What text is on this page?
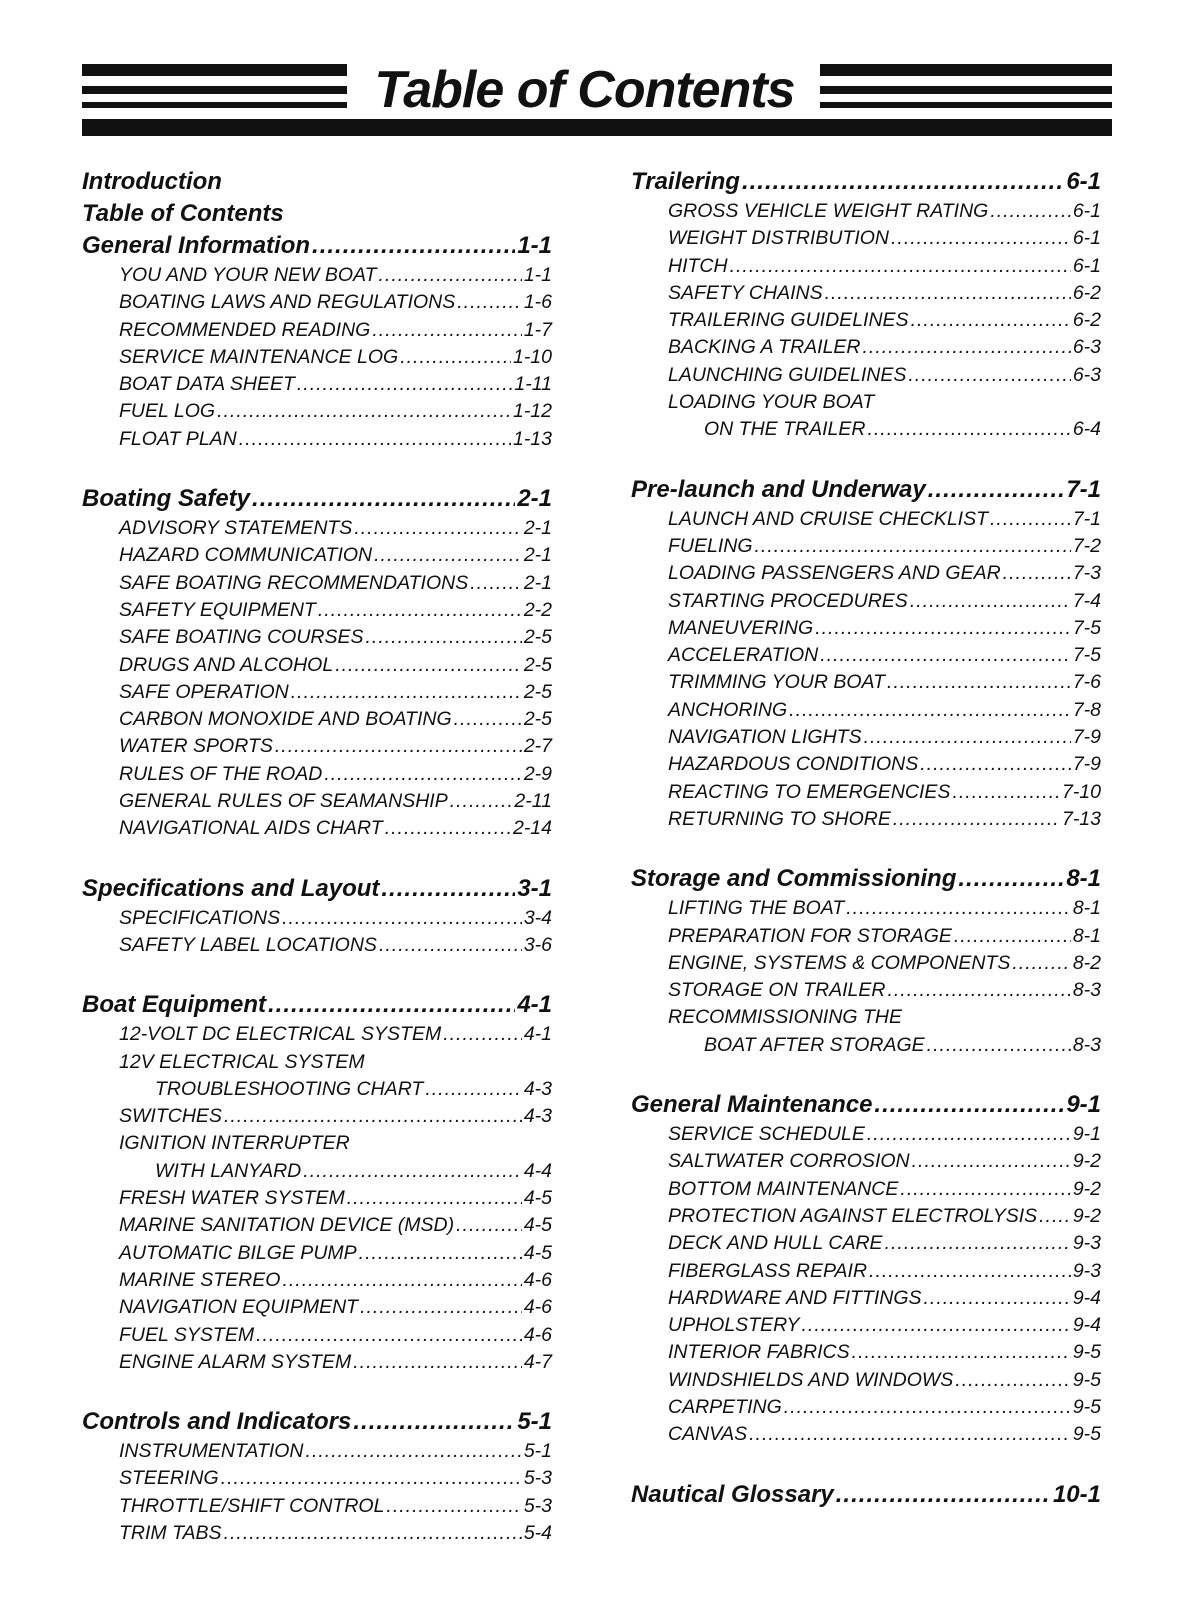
Table of Contents
Introduction
Table of Contents
General Information .....	1-1
YOU AND YOUR NEW BOAT .....	1-1
BOATING LAWS AND REGULATIONS .....	1-6
RECOMMENDED READING .....	1-7
SERVICE MAINTENANCE LOG .....	1-10
BOAT DATA SHEET .....	1-11
FUEL LOG .....	1-12
FLOAT PLAN .....	1-13
Boating Safety .....	2-1
ADVISORY STATEMENTS .....	2-1
HAZARD COMMUNICATION .....	2-1
SAFE BOATING RECOMMENDATIONS .....	2-1
SAFETY EQUIPMENT .....	2-2
SAFE BOATING COURSES .....	2-5
DRUGS AND ALCOHOL .....	2-5
SAFE OPERATION .....	2-5
CARBON MONOXIDE AND BOATING .....	2-5
WATER SPORTS .....	2-7
RULES OF THE ROAD .....	2-9
GENERAL RULES OF SEAMANSHIP .....	2-11
NAVIGATIONAL AIDS CHART .....	2-14
Specifications and Layout .....	3-1
SPECIFICATIONS .....	3-4
SAFETY LABEL LOCATIONS .....	3-6
Boat Equipment .....	4-1
12-VOLT DC ELECTRICAL SYSTEM .....	4-1
12V ELECTRICAL SYSTEM
TROUBLESHOOTING CHART .....	4-3
SWITCHES .....	4-3
IGNITION INTERRUPTER
WITH LANYARD .....	4-4
FRESH WATER SYSTEM .....	4-5
MARINE SANITATION DEVICE (MSD) .....	4-5
AUTOMATIC BILGE PUMP .....	4-5
MARINE STEREO .....	4-6
NAVIGATION EQUIPMENT .....	4-6
FUEL SYSTEM .....	4-6
ENGINE ALARM SYSTEM .....	4-7
Controls and Indicators .....	5-1
INSTRUMENTATION .....	5-1
STEERING .....	5-3
THROTTLE/SHIFT CONTROL .....	5-3
TRIM TABS .....	5-4
Trailering .....	6-1
GROSS VEHICLE WEIGHT RATING .....	6-1
WEIGHT DISTRIBUTION .....	6-1
HITCH .....	6-1
SAFETY CHAINS .....	6-2
TRAILERING GUIDELINES .....	6-2
BACKING A TRAILER .....	6-3
LAUNCHING GUIDELINES .....	6-3
LOADING YOUR BOAT
ON THE TRAILER .....	6-4
Pre-launch and Underway .....	7-1
LAUNCH AND CRUISE CHECKLIST .....	7-1
FUELING .....	7-2
LOADING PASSENGERS AND GEAR .....	7-3
STARTING PROCEDURES .....	7-4
MANEUVERING .....	7-5
ACCELERATION .....	7-5
TRIMMING YOUR BOAT .....	7-6
ANCHORING .....	7-8
NAVIGATION LIGHTS .....	7-9
HAZARDOUS CONDITIONS .....	7-9
REACTING TO EMERGENCIES .....	7-10
RETURNING TO SHORE .....	7-13
Storage and Commissioning .....	8-1
LIFTING THE BOAT .....	8-1
PREPARATION FOR STORAGE .....	8-1
ENGINE, SYSTEMS & COMPONENTS .....	8-2
STORAGE ON TRAILER .....	8-3
RECOMMISSIONING THE
BOAT AFTER STORAGE .....	8-3
General Maintenance .....	9-1
SERVICE SCHEDULE .....	9-1
SALTWATER CORROSION .....	9-2
BOTTOM MAINTENANCE .....	9-2
PROTECTION AGAINST ELECTROLYSIS ..... 9-2
DECK AND HULL CARE .....	9-3
FIBERGLASS REPAIR .....	9-3
HARDWARE AND FITTINGS .....	9-4
UPHOLSTERY .....	9-4
INTERIOR FABRICS .....	9-5
WINDSHIELDS AND WINDOWS .....	9-5
CARPETING .....	9-5
CANVAS .....	9-5
Nautical Glossary .....	10-1
